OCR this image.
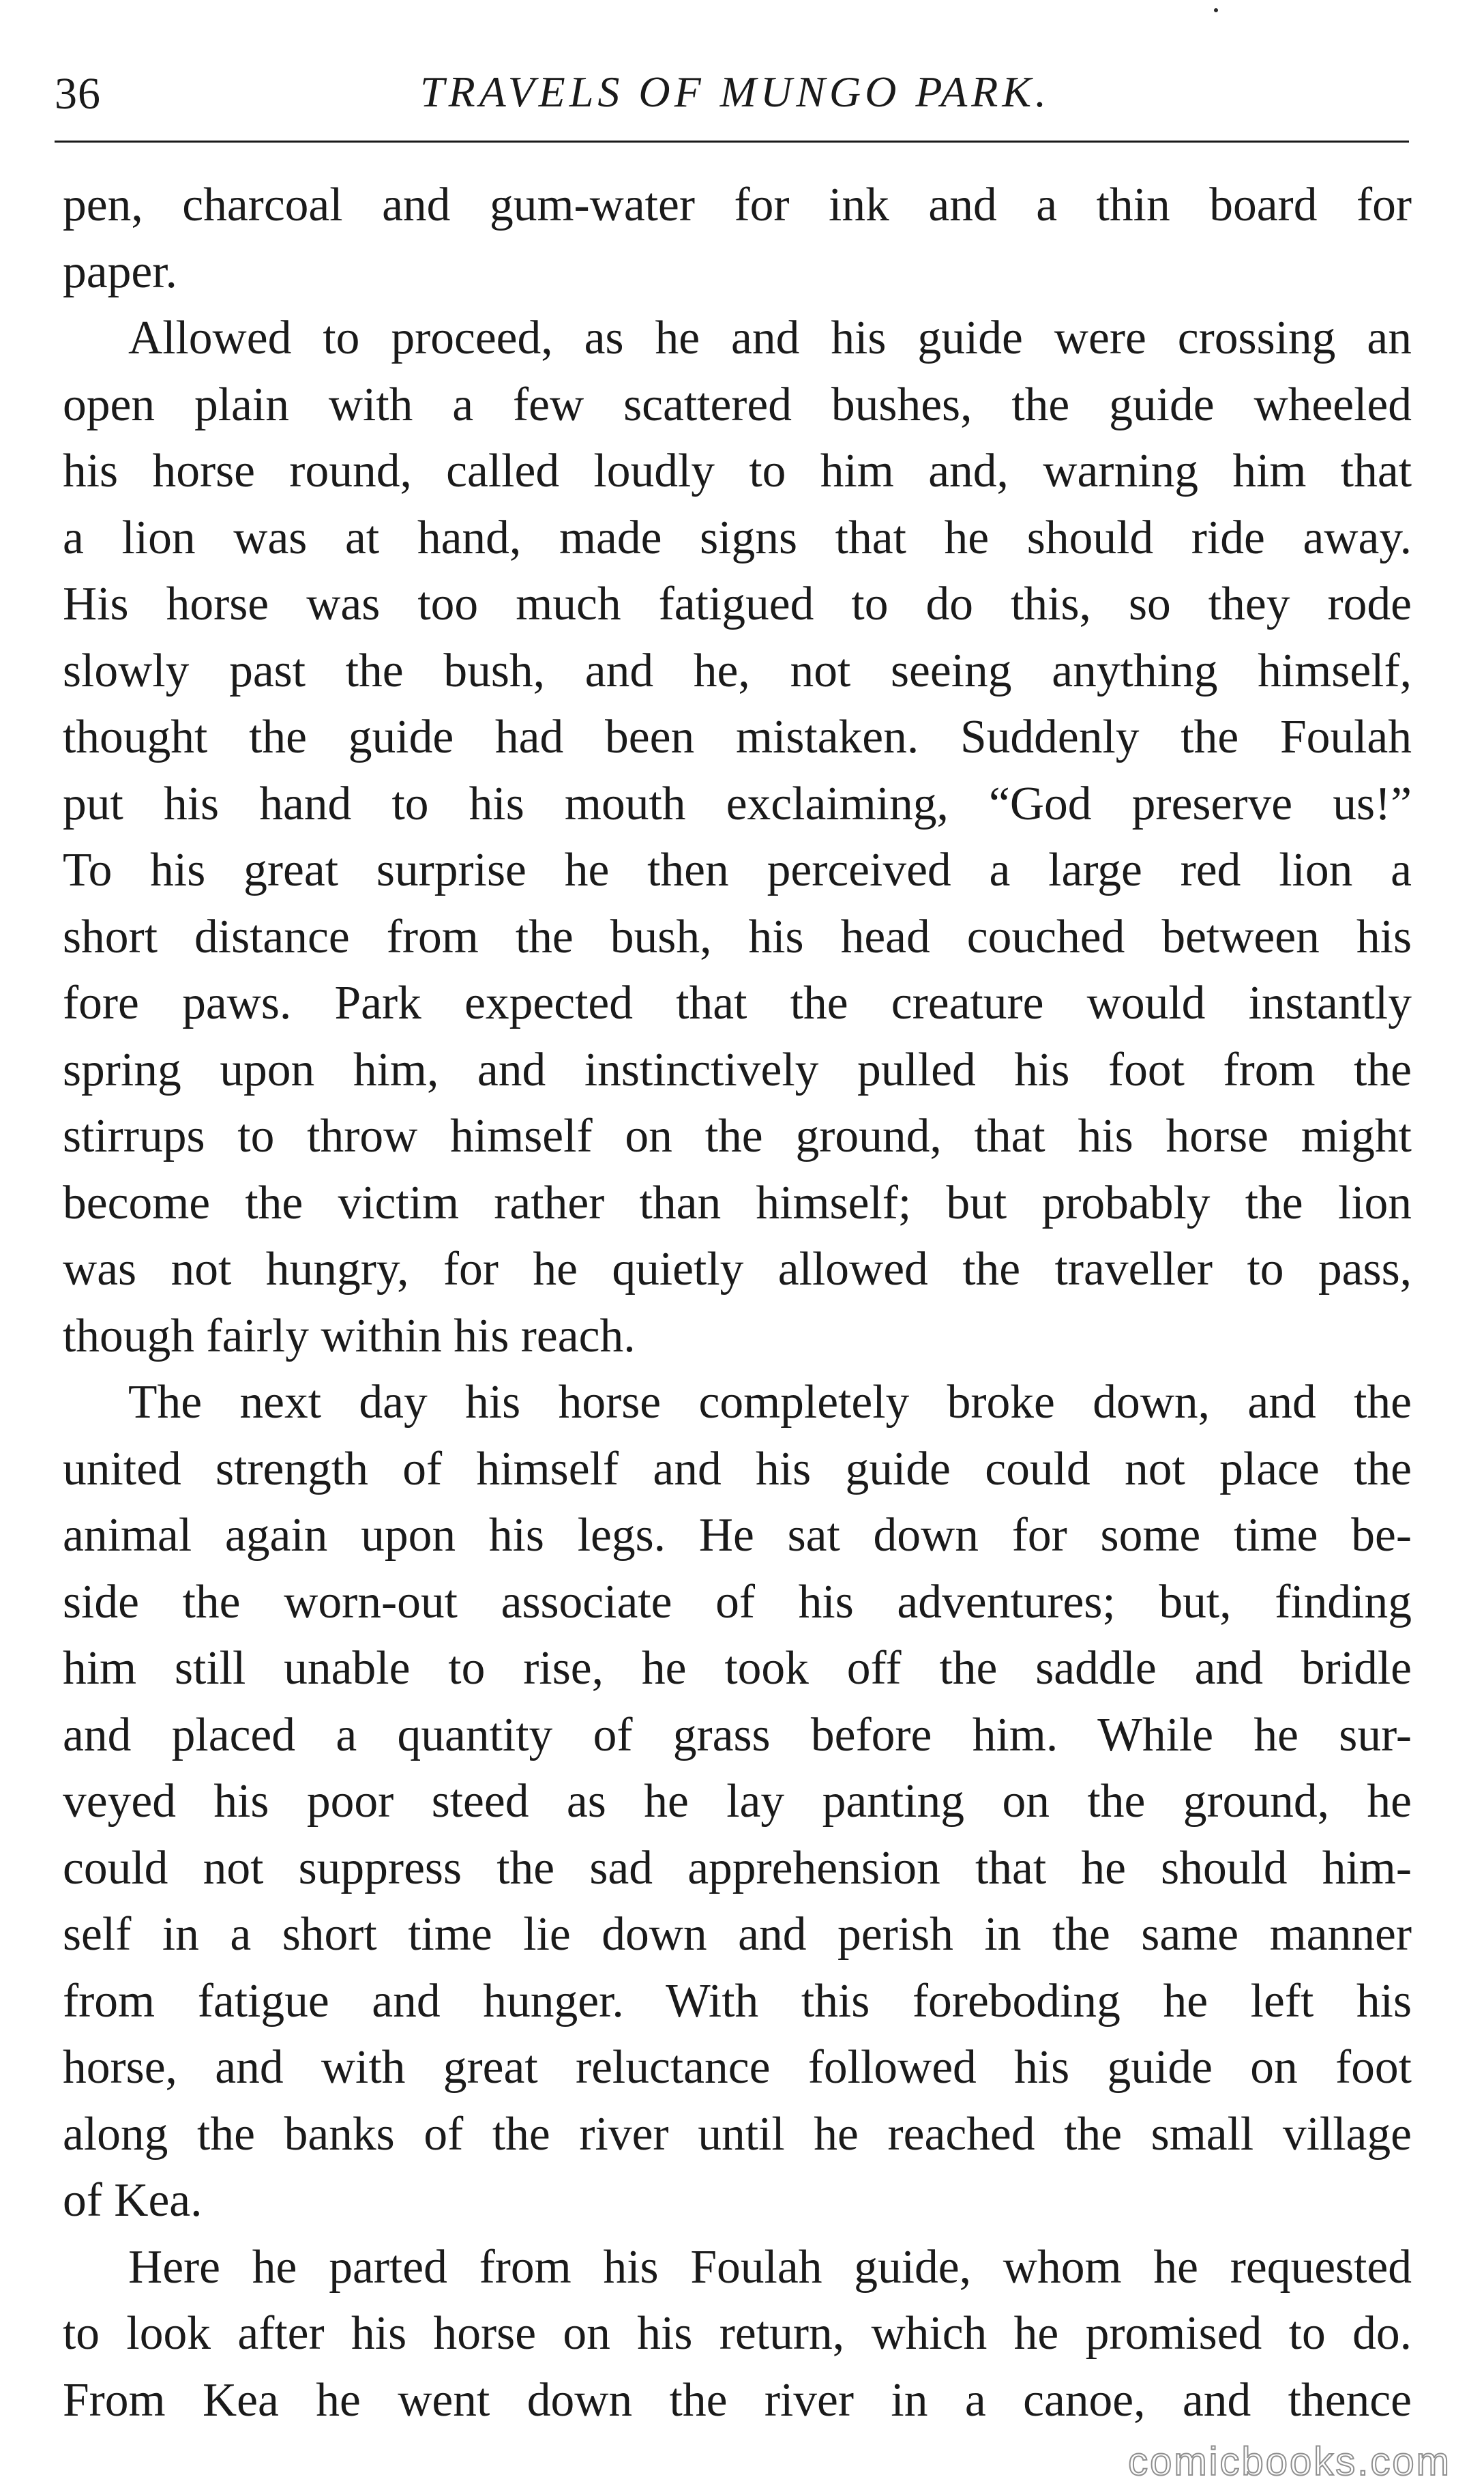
36	TRAVELS OF MUNGO PARK.
pen, charcoal and gum-water for ink and a thin board for
paper.
Allowed to proceed, as he and his guide were crossing an
open plain with a few scattered bushes, the guide wheeled
his horse round, called loudly to him and, warning him that
a lion was at hand, made signs that he should ride away.
His horse was too much fatigued to do this, so they rode
slowly past the bush, and he, not seeing anything himself,
thought the guide had been mistaken. Suddenly the Foulah
put his hand to his mouth exclaiming, “God preserve us!”
To his great surprise he then perceived a large red lion a
short distance from the bush, his head couched between his
fore paws. Park expected that the creature would instantly
spring upon him, and instinctively pulled his foot from the
stirrups to throw himself on the ground, that his horse might
become the victim rather than himself; but probably the lion
was not hungry, for he quietly allowed the traveller to pass,
though fairly within his reach.
The next day his horse completely broke down, and the
united strength of himself and his guide could not place the
animal again upon his legs. He sat down for some time be-
side the worn-out associate of his adventures; but, finding
him still unable to rise, he took off the saddle and bridle
and placed a quantity of grass before him. While he sur-
veyed his poor steed as he lay panting on the ground, he
could not suppress the sad apprehension that he should him-
self in a short time lie down and perish in the same manner
from fatigue and hunger. With this foreboding he left his
horse, and with great reluctance followed his guide on foot
along the banks of the river until he reached the small village
of Kea.
Here he parted from his Foulah guide, whom he requested
to look after his horse on his return, which he promised to do.
From Kea he went down the river in a canoe, and thence
comicbooks.com
